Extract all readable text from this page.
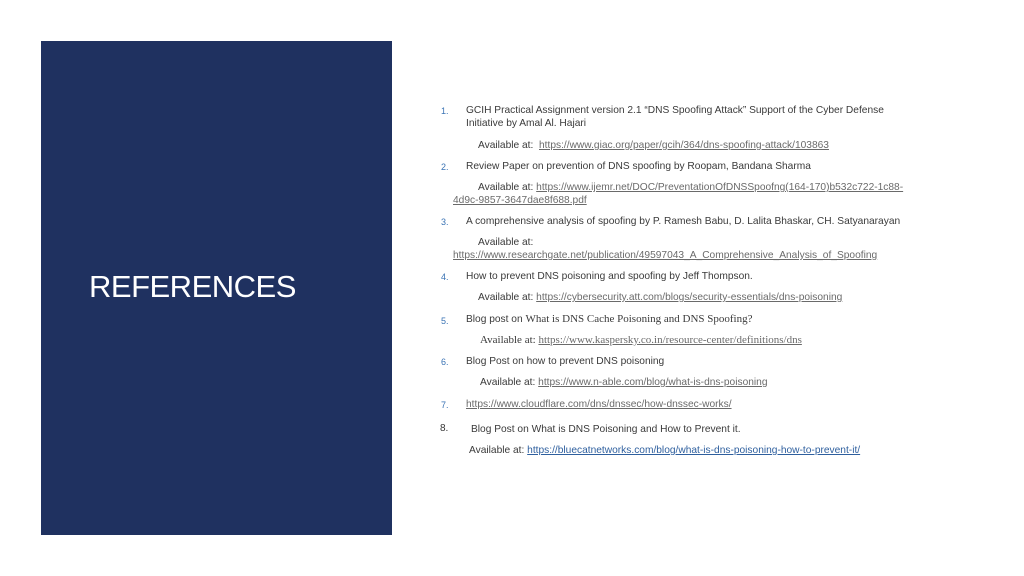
REFERENCES
1.	GCIH Practical Assignment version 2.1 “DNS Spoofing Attack” Support of the Cyber Defense
Initiative by Amal Al. Hajari
Available at: https://www.giac.org/paper/gcih/364/dns-spoofing-attack/103863
2.	Review Paper on prevention of DNS spoofing by Roopam, Bandana Sharma
Available at: https://www.ijemr.net/DOC/PreventationOfDNSSpoofng(164-170)b532c722-1c88-
4d9c-9857-3647dae8f688.pdf
3.	A comprehensive analysis of spoofing by P. Ramesh Babu, D. Lalita Bhaskar, CH. Satyanarayan
Available at:
https://www.researchgate.net/publication/49597043_A_Comprehensive_Analysis_of_Spoofing
4.	How to prevent DNS poisoning and spoofing by Jeff Thompson.
Available at: https://cybersecurity.att.com/blogs/security-essentials/dns-poisoning
5.	Blog post on What is DNS Cache Poisoning and DNS Spoofing?
Available at: https://www.kaspersky.co.in/resource-center/definitions/dns
6.	Blog Post on how to prevent DNS poisoning
Available at: https://www.n-able.com/blog/what-is-dns-poisoning
7.	https://www.cloudflare.com/dns/dnssec/how-dnssec-works/
8.	Blog Post on What is DNS Poisoning and How to Prevent it.
Available at: https://bluecatnetworks.com/blog/what-is-dns-poisoning-how-to-prevent-it/
